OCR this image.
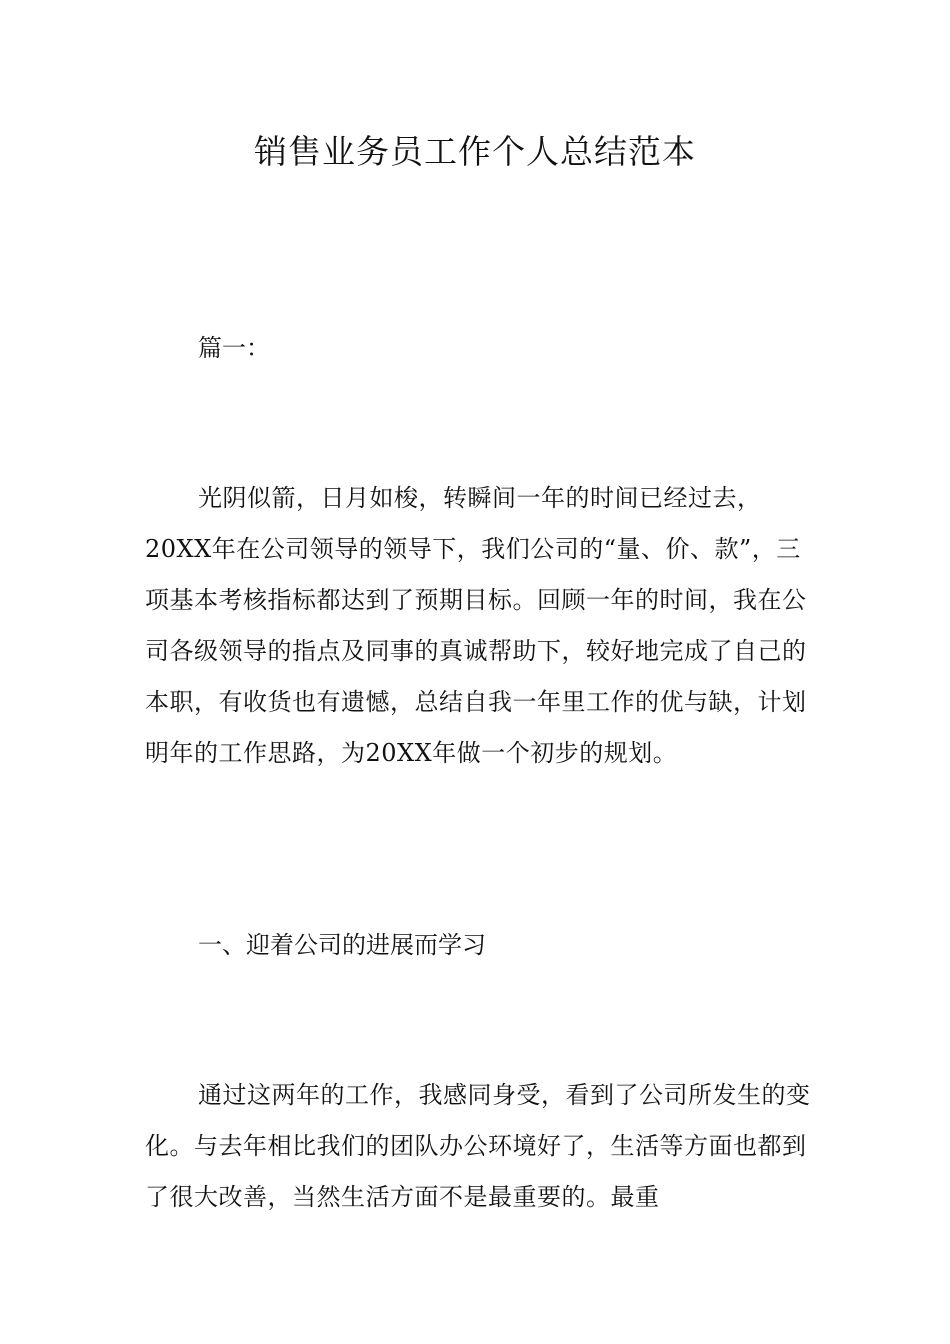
销售业务员工作个人总结范本
篇一：
光阴似箭，日月如梭，转瞬间一年的时间已经过去，20XX年在公司领导的领导下，我们公司的“量、价、款”，三项基本考核指标都达到了预期目标。回顾一年的时间，我在公司各级领导的指点及同事的真诚帮助下，较好地完成了自己的本职，有收货也有遗憾，总结自我一年里工作的优与缺，计划明年的工作思路，为20XX年做一个初步的规划。
一、迎着公司的进展而学习
通过这两年的工作，我感同身受，看到了公司所发生的变化。与去年相比我们的团队办公环境好了，生活等方面也都到了很大改善，当然生活方面不是最重要的。最重
